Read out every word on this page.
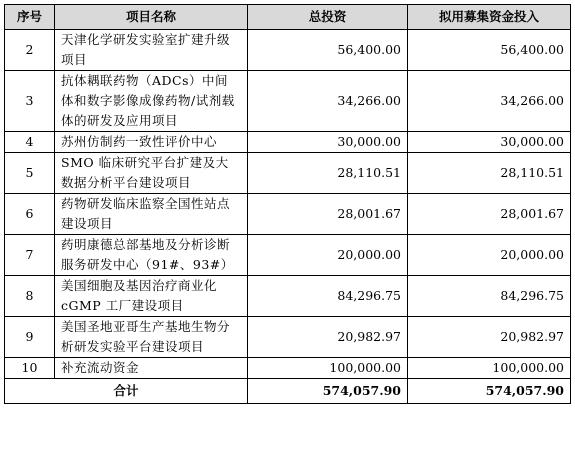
序号	项目名称	总投资	拟用募集资金投入
2	天津化学研发实验室扩建升级项目	56,400.00	56,400.00
3	抗体耦联药物（ADCs）中间体和数字影像成像药物/试剂载体的研发及应用项目	34,266.00	34,266.00
4	苏州仿制药一致性评价中心	30,000.00	30,000.00
5	SMO 临床研究平台扩建及大数据分析平台建设项目	28,110.51	28,110.51
6	药物研发临床监察全国性站点建设项目	28,001.67	28,001.67
7	药明康德总部基地及分析诊断服务研发中心（91#、93#）	20,000.00	20,000.00
8	美国细胞及基因治疗商业化cGMP 工厂建设项目	84,296.75	84,296.75
9	美国圣地亚哥生产基地生物分析研发实验平台建设项目	20,982.97	20,982.97
10	补充流动资金	100,000.00	100,000.00
合计		574,057.90	574,057.90
